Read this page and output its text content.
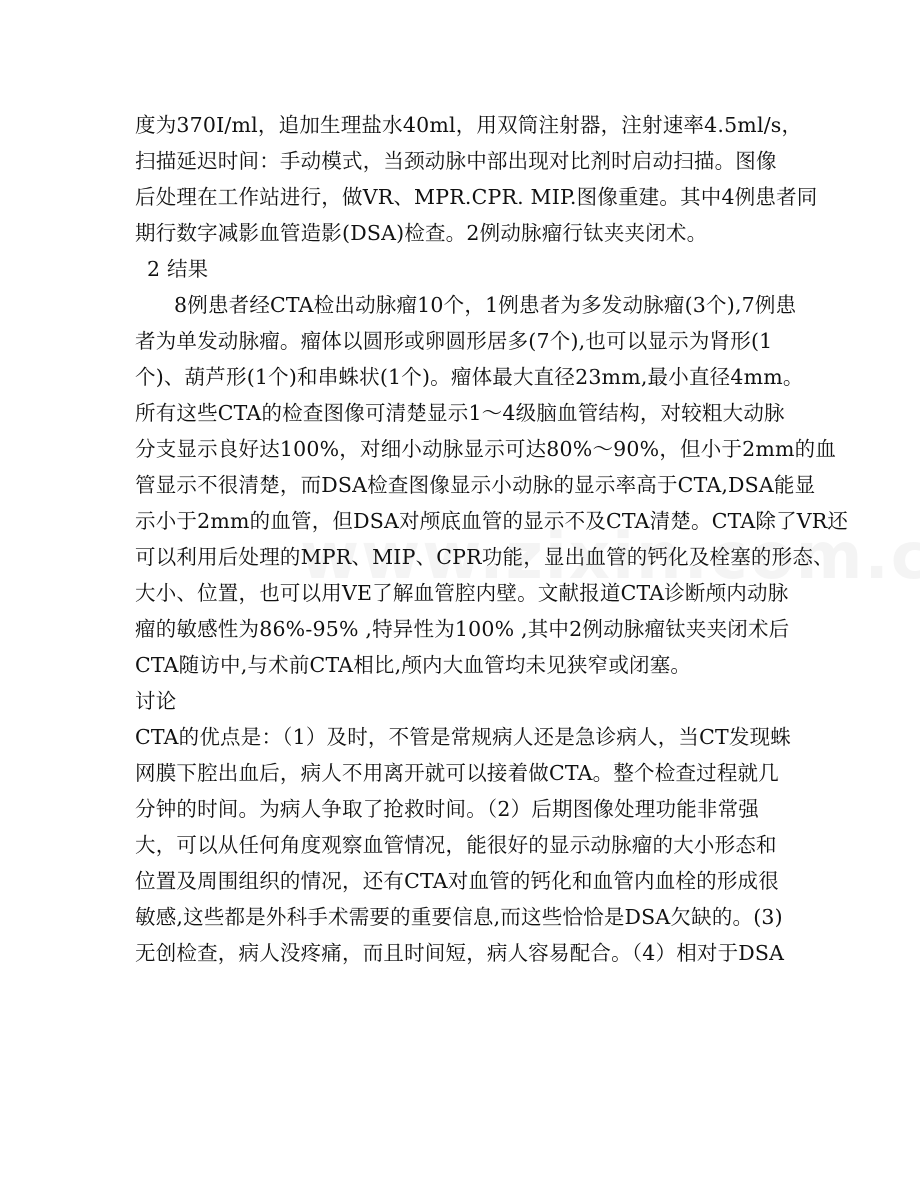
度为370I/ml，追加生理盐水40ml，用双筒注射器，注射速率4.5ml/s，
扫描延迟时间：手动模式，当颈动脉中部出现对比剂时启动扫描。图像
后处理在工作站进行，做VR、MPR.CPR. MIP.图像重建。其中4例患者同
期行数字减影血管造影(DSA)检查。2例动脉瘤行钛夹夹闭术。
2 结果
8例患者经CTA检出动脉瘤10个，1例患者为多发动脉瘤(3个),7例患
者为单发动脉瘤。瘤体以圆形或卵圆形居多(7个),也可以显示为肾形(1
个)、葫芦形(1个)和串蛛状(1个)。瘤体最大直径23mm,最小直径4mm。
所有这些CTA的检查图像可清楚显示1～4级脑血管结构，对较粗大动脉
分支显示良好达100%，对细小动脉显示可达80%～90%，但小于2mm的血
管显示不很清楚，而DSA检查图像显示小动脉的显示率高于CTA,DSA能显
示小于2mm的血管，但DSA对颅底血管的显示不及CTA清楚。CTA除了VR还
可以利用后处理的MPR、MIP、CPR功能，显出血管的钙化及栓塞的形态、
大小、位置，也可以用VE了解血管腔内壁。文献报道CTA诊断颅内动脉
瘤的敏感性为86%-95% ,特异性为100% ,其中2例动脉瘤钛夹夹闭术后
CTA随访中,与术前CTA相比,颅内大血管均未见狭窄或闭塞。
讨论
CTA的优点是：（1）及时，不管是常规病人还是急诊病人，当CT发现蛛
网膜下腔出血后，病人不用离开就可以接着做CTA。整个检查过程就几
分钟的时间。为病人争取了抢救时间。（2）后期图像处理功能非常强
大，可以从任何角度观察血管情况，能很好的显示动脉瘤的大小形态和
位置及周围组织的情况，还有CTA对血管的钙化和血管内血栓的形成很
敏感,这些都是外科手术需要的重要信息,而这些恰恰是DSA欠缺的。(3)
无创检查，病人没疼痛，而且时间短，病人容易配合。（4）相对于DSA
